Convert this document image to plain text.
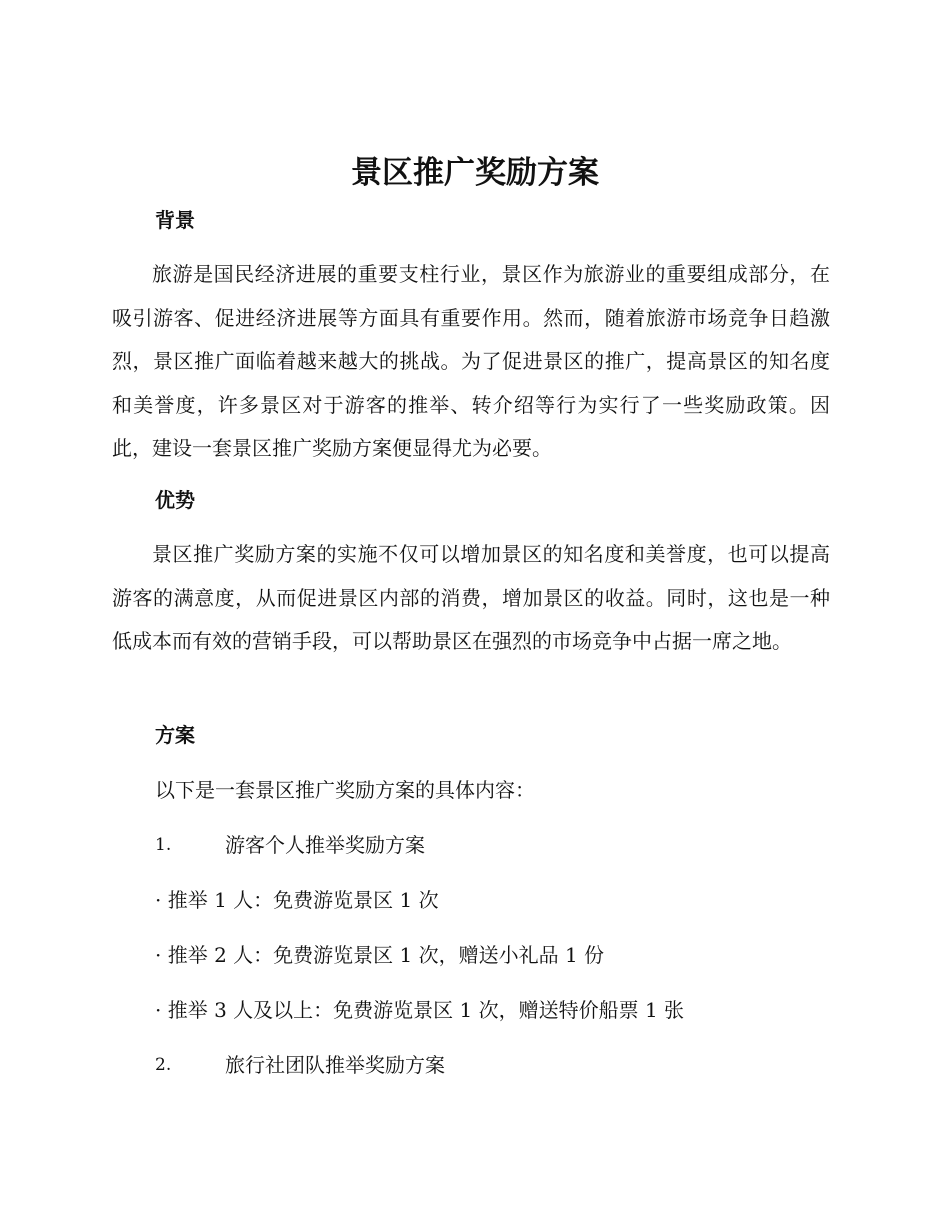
景区推广奖励方案
背景

旅游是国民经济进展的重要支柱行业，景区作为旅游业的重要组成部分，在吸引游客、促进经济进展等方面具有重要作用。然而，随着旅游市场竞争日趋激烈，景区推广面临着越来越大的挑战。为了促进景区的推广，提高景区的知名度和美誉度，许多景区对于游客的推举、转介绍等行为实行了一些奖励政策。因此，建设一套景区推广奖励方案便显得尤为必要。

优势

景区推广奖励方案的实施不仅可以增加景区的知名度和美誉度，也可以提高游客的满意度，从而促进景区内部的消费，增加景区的收益。同时，这也是一种低成本而有效的营销手段，可以帮助景区在强烈的市场竞争中占据一席之地。

方案
以下是一套景区推广奖励方案的具体内容：
1.	游客个人推举奖励方案
· 推举 1 人：免费游览景区 1 次
· 推举 2 人：免费游览景区 1 次，赠送小礼品 1 份
· 推举 3 人及以上：免费游览景区 1 次，赠送特价船票 1 张
2.	旅行社团队推举奖励方案
